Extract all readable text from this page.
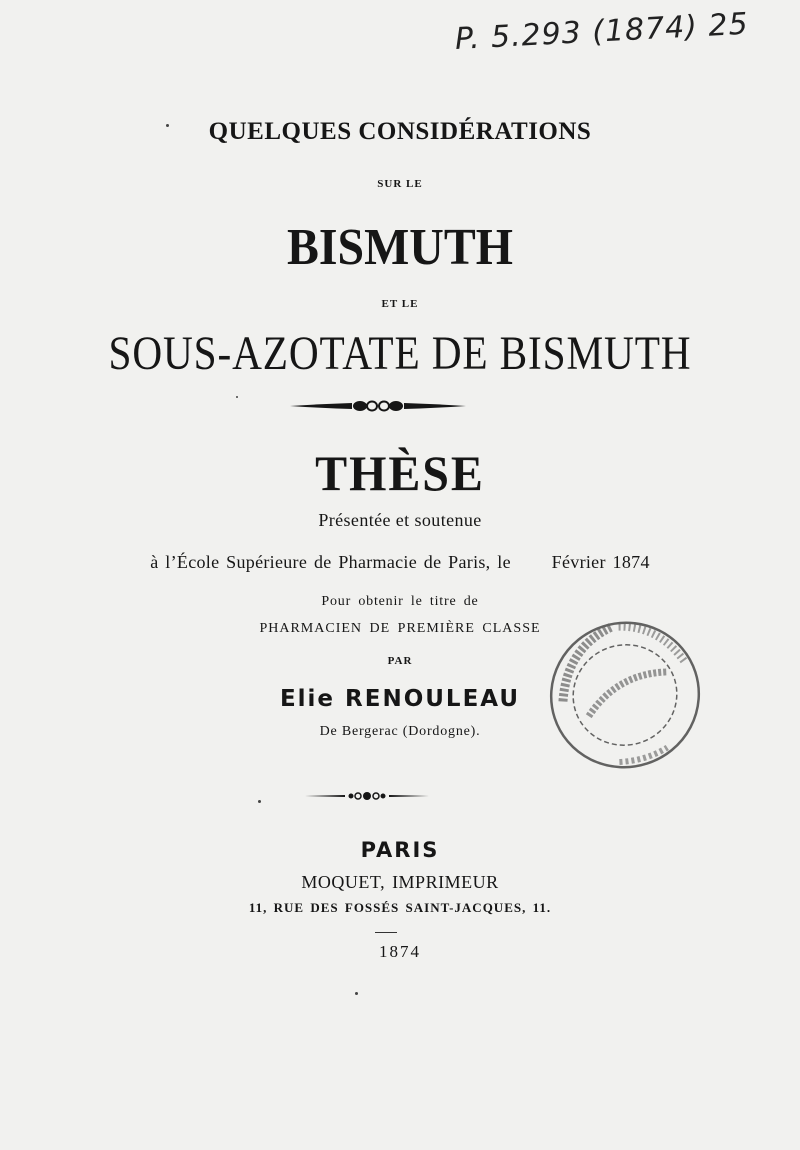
P. 5.293 (1874) 25
QUELQUES CONSIDÉRATIONS
SUR LE
BISMUTH
ET LE
SOUS-AZOTATE DE BISMUTH
THÈSE
Présentée et soutenue
à l’École Supérieure de Pharmacie de Paris, le      Février 1874
Pour obtenir le titre de
PHARMACIEN DE PREMIÈRE CLASSE
PAR
Elie RENOULEAU
De Bergerac (Dordogne).
PARIS
MOQUET, IMPRIMEUR
11, RUE DES FOSSÉS SAINT-JACQUES, 11.
1874
